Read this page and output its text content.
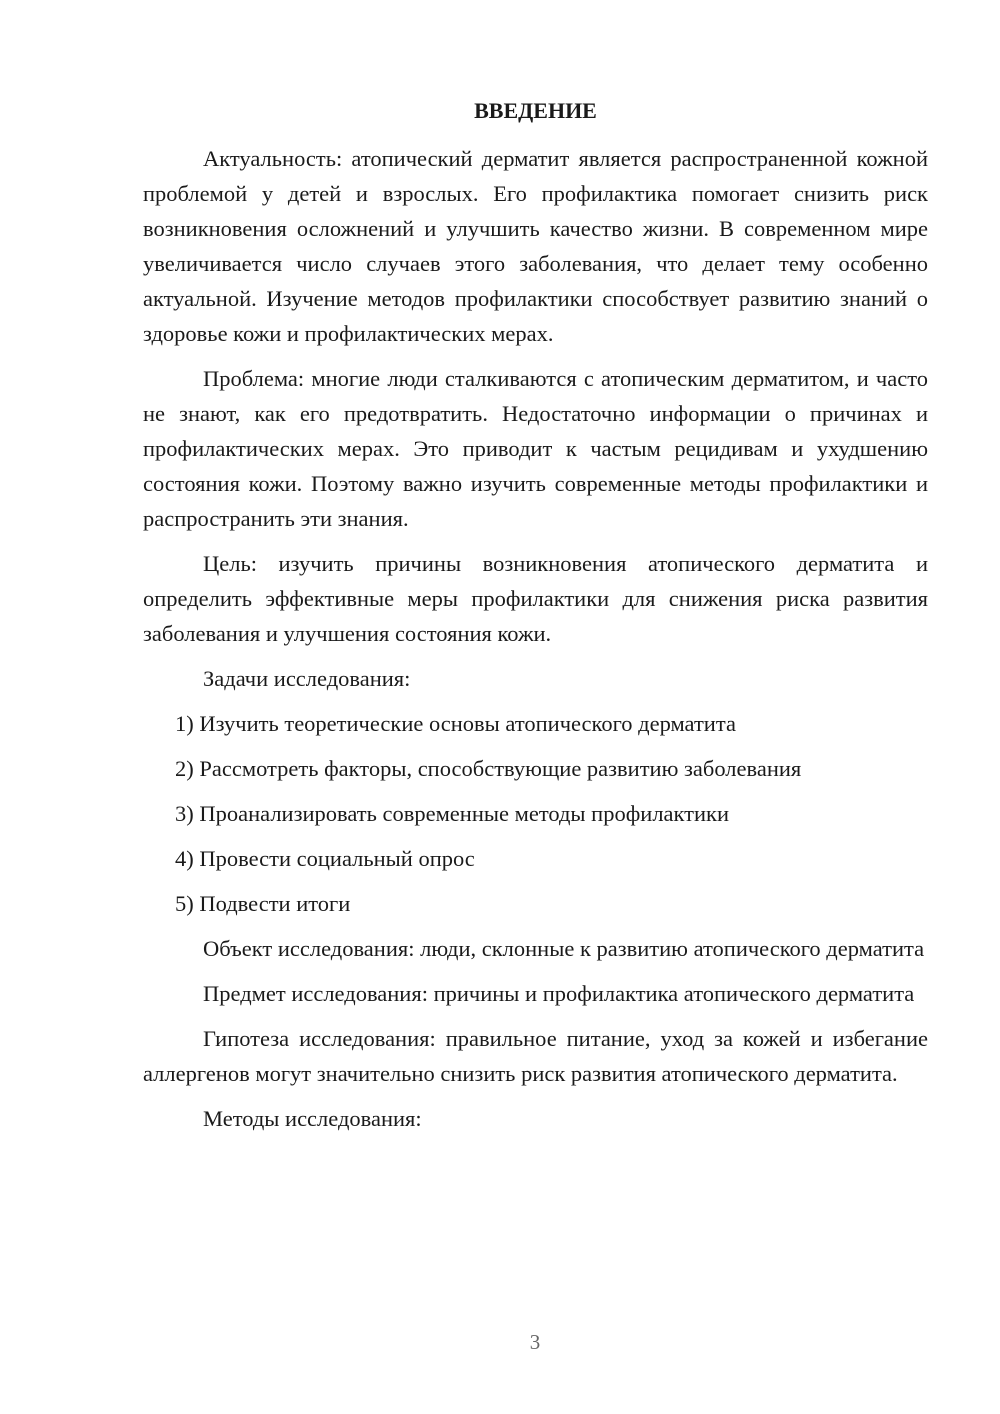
ВВЕДЕНИЕ

Актуальность: атопический дерматит является распространенной кожной проблемой у детей и взрослых. Его профилактика помогает снизить риск возникновения осложнений и улучшить качество жизни. В современном мире увеличивается число случаев этого заболевания, что делает тему особенно актуальной. Изучение методов профилактики способствует развитию знаний о здоровье кожи и профилактических мерах.

Проблема: многие люди сталкиваются с атопическим дерматитом, и часто не знают, как его предотвратить. Недостаточно информации о причинах и профилактических мерах. Это приводит к частым рецидивам и ухудшению состояния кожи. Поэтому важно изучить современные методы профилактики и распространить эти знания.

Цель: изучить причины возникновения атопического дерматита и определить эффективные меры профилактики для снижения риска развития заболевания и улучшения состояния кожи.

Задачи исследования:

1) Изучить теоретические основы атопического дерматита
2) Рассмотреть факторы, способствующие развитию заболевания
3) Проанализировать современные методы профилактики
4) Провести социальный опрос
5) Подвести итоги

Объект исследования: люди, склонные к развитию атопического дерматита

Предмет исследования: причины и профилактика атопического дерматита

Гипотеза исследования: правильное питание, уход за кожей и избегание аллергенов могут значительно снизить риск развития атопического дерматита.

Методы исследования:

3
